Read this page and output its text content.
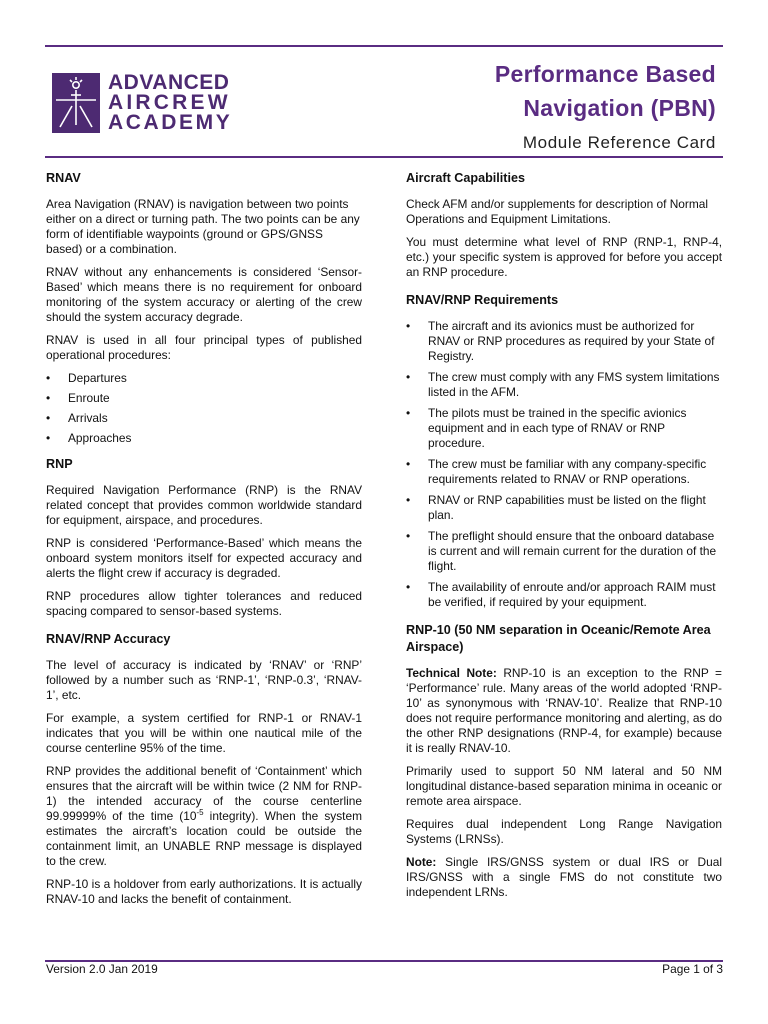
ADVANCED
AIRCREW
ACADEMY
Performance Based
Navigation (PBN)
Module Reference Card
RNAV

Area Navigation (RNAV) is navigation between two points either on a direct or turning path. The two points can be any form of identifiable waypoints (ground or GPS/GNSS based) or a combination.

RNAV without any enhancements is considered ‘Sensor-Based’ which means there is no requirement for onboard monitoring of the system accuracy or alerting of the crew should the system accuracy degrade.

RNAV is used in all four principal types of published operational procedures:

• Departures
• Enroute
• Arrivals
• Approaches
RNP

Required Navigation Performance (RNP) is the RNAV related concept that provides common worldwide standard for equipment, airspace, and procedures.

RNP is considered ‘Performance-Based’ which means the onboard system monitors itself for expected accuracy and alerts the flight crew if accuracy is degraded.

RNP procedures allow tighter tolerances and reduced spacing compared to sensor-based systems.

RNAV/RNP Accuracy

The level of accuracy is indicated by ‘RNAV’ or ‘RNP’ followed by a number such as ‘RNP-1’, ‘RNP-0.3’, ‘RNAV-1’, etc.

For example, a system certified for RNP-1 or RNAV-1 indicates that you will be within one nautical mile of the course centerline 95% of the time.

RNP provides the additional benefit of ‘Containment’ which ensures that the aircraft will be within twice (2 NM for RNP-1) the intended accuracy of the course centerline 99.99999% of the time ($10^{-5}$ integrity). When the system estimates the aircraft’s location could be outside the containment limit, an UNABLE RNP message is displayed to the crew.

RNP-10 is a holdover from early authorizations. It is actually RNAV-10 and lacks the benefit of containment.

Aircraft Capabilities

Check AFM and/or supplements for description of Normal Operations and Equipment Limitations.

You must determine what level of RNP (RNP-1, RNP-4, etc.) your specific system is approved for before you accept an RNP procedure.

RNAV/RNP Requirements
• The aircraft and its avionics must be authorized for RNAV or RNP procedures as required by your State of Registry.
• The crew must comply with any FMS system limitations listed in the AFM.
• The pilots must be trained in the specific avionics equipment and in each type of RNAV or RNP procedure.
• The crew must be familiar with any company-specific requirements related to RNAV or RNP operations.
• RNAV or RNP capabilities must be listed on the flight plan.
• The preflight should ensure that the onboard database is current and will remain current for the duration of the flight.
• The availability of enroute and/or approach RAIM must be verified, if required by your equipment.
RNP-10 (50 NM separation in Oceanic/Remote Area Airspace)

Technical Note: RNP-10 is an exception to the RNP = ‘Performance’ rule. Many areas of the world adopted ‘RNP-10’ as synonymous with ‘RNAV-10’. Realize that RNP-10 does not require performance monitoring and alerting, as do the other RNP designations (RNP-4, for example) because it is really RNAV-10.

Primarily used to support 50 NM lateral and 50 NM longitudinal distance-based separation minima in oceanic or remote area airspace.

Requires dual independent Long Range Navigation Systems (LRNSs).

Note: Single IRS/GNSS system or dual IRS or Dual IRS/GNSS with a single FMS do not constitute two independent LRNs.

Version 2.0 Jan 2019	Page 1 of 3
